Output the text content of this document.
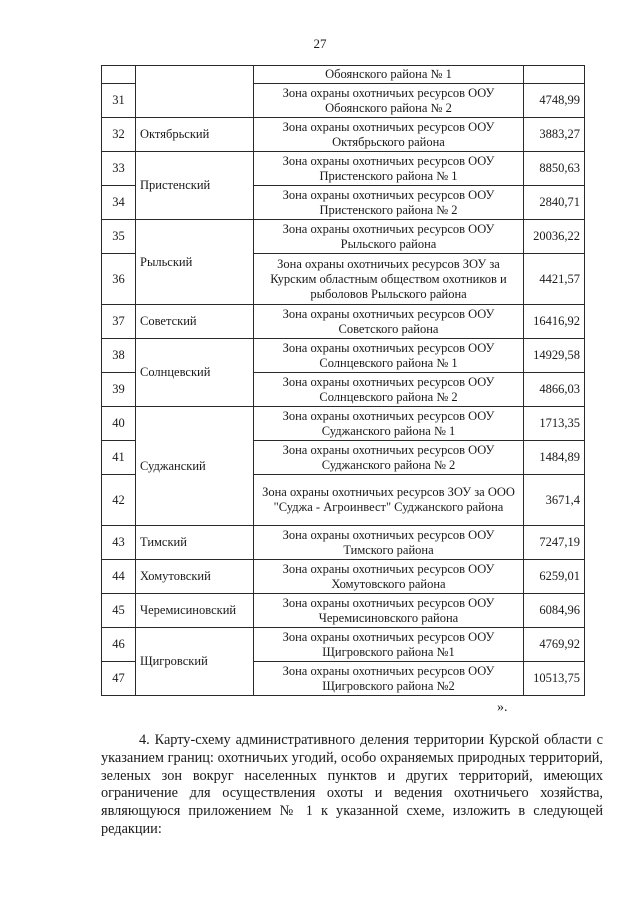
27
		Обоянского района № 1	
31		Зона охраны охотничьих ресурсов ООУ Обоянского района № 2	4748,99
32	Октябрьский	Зона охраны охотничьих ресурсов ООУ Октябрьского района	3883,27
33	Пристенский	Зона охраны охотничьих ресурсов ООУ Пристенского района № 1	8850,63
34		Зона охраны охотничьих ресурсов ООУ Пристенского района № 2	2840,71
35	Рыльский	Зона охраны охотничьих ресурсов ООУ Рыльского района	20036,22
36		Зона охраны охотничьих ресурсов ЗОУ за Курским областным обществом охотников и рыболовов Рыльского района	4421,57
37	Советский	Зона охраны охотничьих ресурсов ООУ Советского района	16416,92
38	Солнцевский	Зона охраны охотничьих ресурсов ООУ Солнцевского района № 1	14929,58
39		Зона охраны охотничьих ресурсов ООУ Солнцевского района № 2	4866,03
40	Суджанский	Зона охраны охотничьих ресурсов ООУ Суджанского района № 1	1713,35
41		Зона охраны охотничьих ресурсов ООУ Суджанского района № 2	1484,89
42		Зона охраны охотничьих ресурсов ЗОУ за ООО "Суджа - Агроинвест" Суджанского района	3671,4
43	Тимский	Зона охраны охотничьих ресурсов ООУ Тимского района	7247,19
44	Хомутовский	Зона охраны охотничьих ресурсов ООУ Хомутовского района	6259,01
45	Черемисиновский	Зона охраны охотничьих ресурсов ООУ Черемисиновского района	6084,96
46	Щигровский	Зона охраны охотничьих ресурсов ООУ Щигровского района №1	4769,92
47		Зона охраны охотничьих ресурсов ООУ Щигровского района №2	10513,75
».

4. Карту-схему административного деления территории Курской области с указанием границ: охотничьих угодий, особо охраняемых природных территорий, зеленых зон вокруг населенных пунктов и других территорий, имеющих ограничение для осуществления охоты и ведения охотничьего хозяйства, являющуюся приложением № 1 к указанной схеме, изложить в следующей редакции:
